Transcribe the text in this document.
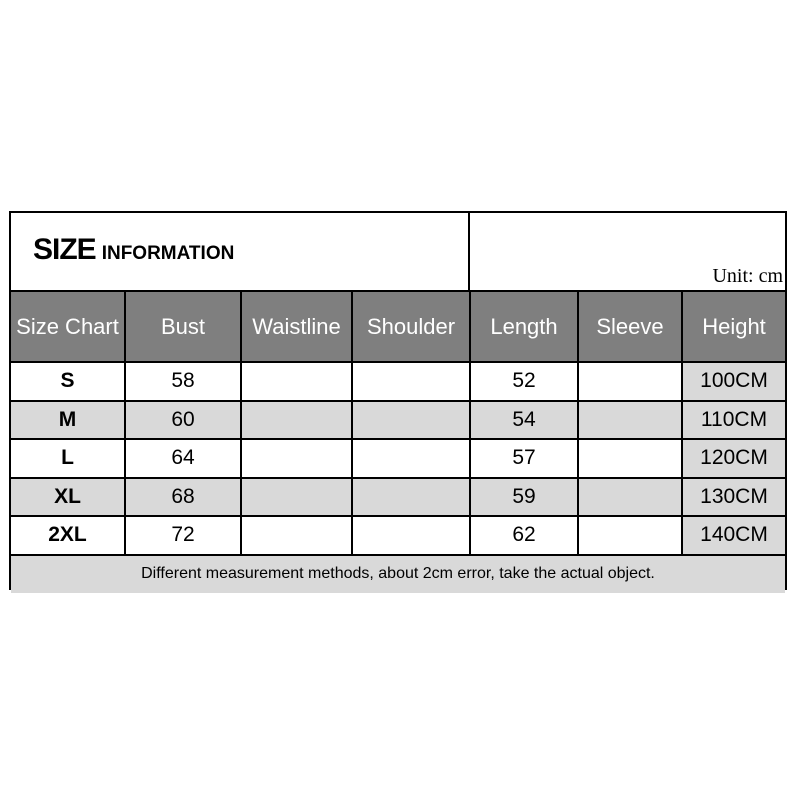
SIZE INFORMATION
Unit: cm
Size Chart	Bust	Waistline	Shoulder	Length	Sleeve	Height
S	58			52		100CM
M	60			54		110CM
L	64			57		120CM
XL	68			59		130CM
2XL	72			62		140CM
Different measurement methods, about 2cm error, take the actual object.						
